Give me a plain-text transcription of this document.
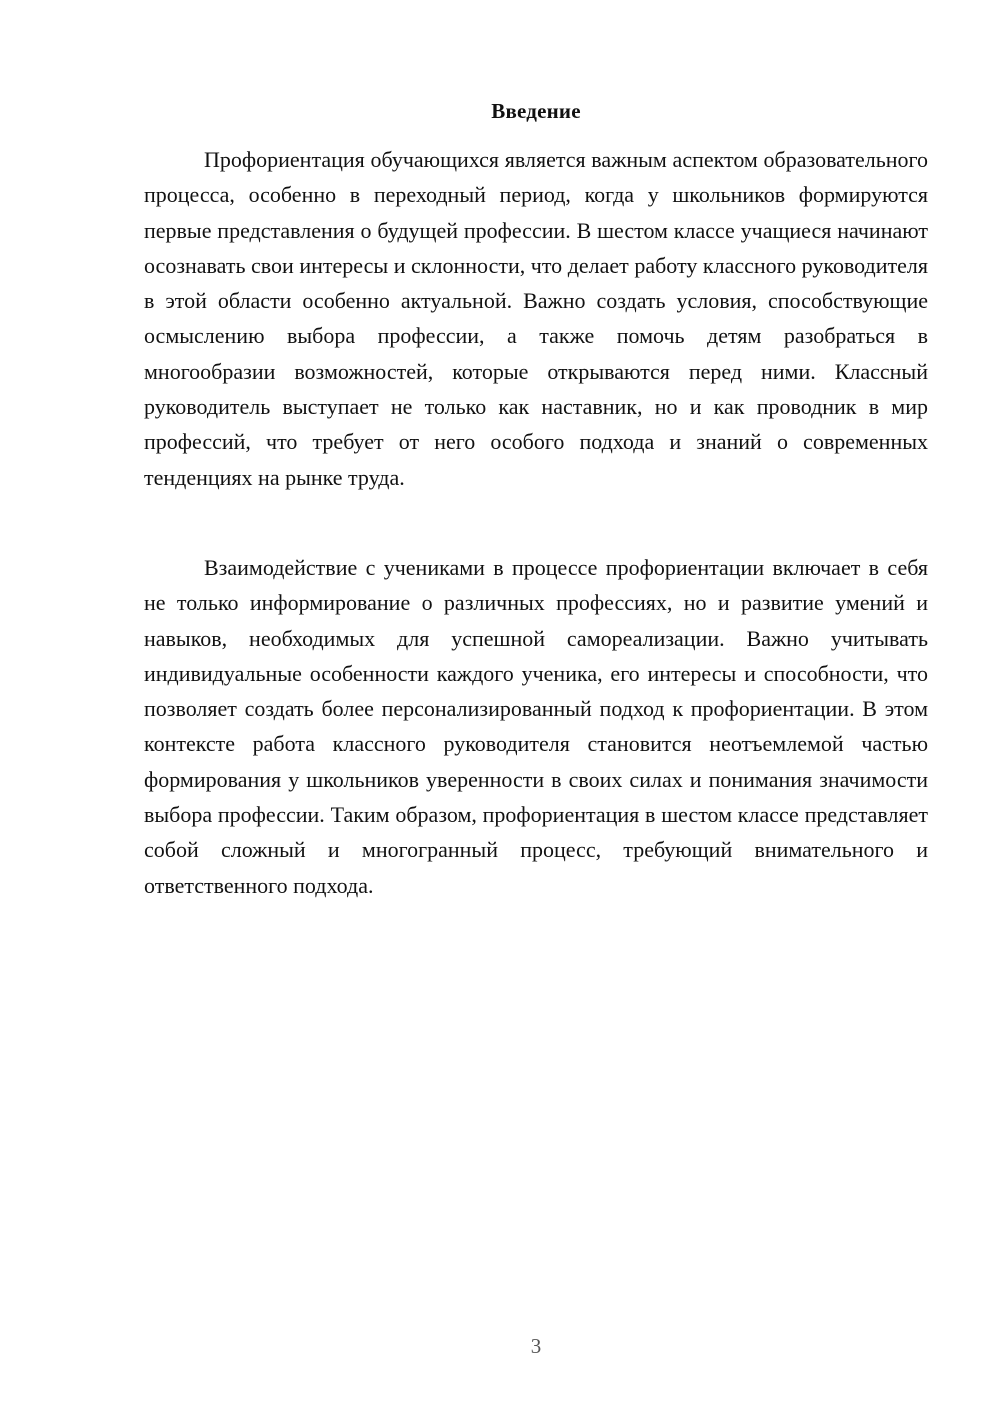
Введение

Профориентация обучающихся является важным аспектом образовательного процесса, особенно в переходный период, когда у школьников формируются первые представления о будущей профессии. В шестом классе учащиеся начинают осознавать свои интересы и склонности, что делает работу классного руководителя в этой области особенно актуальной. Важно создать условия, способствующие осмыслению выбора профессии, а также помочь детям разобраться в многообразии возможностей, которые открываются перед ними. Классный руководитель выступает не только как наставник, но и как проводник в мир профессий, что требует от него особого подхода и знаний о современных тенденциях на рынке труда.

Взаимодействие с учениками в процессе профориентации включает в себя не только информирование о различных профессиях, но и развитие умений и навыков, необходимых для успешной самореализации. Важно учитывать индивидуальные особенности каждого ученика, его интересы и способности, что позволяет создать более персонализированный подход к профориентации. В этом контексте работа классного руководителя становится неотъемлемой частью формирования у школьников уверенности в своих силах и понимания значимости выбора профессии. Таким образом, профориентация в шестом классе представляет собой сложный и многогранный процесс, требующий внимательного и ответственного подхода.

3
